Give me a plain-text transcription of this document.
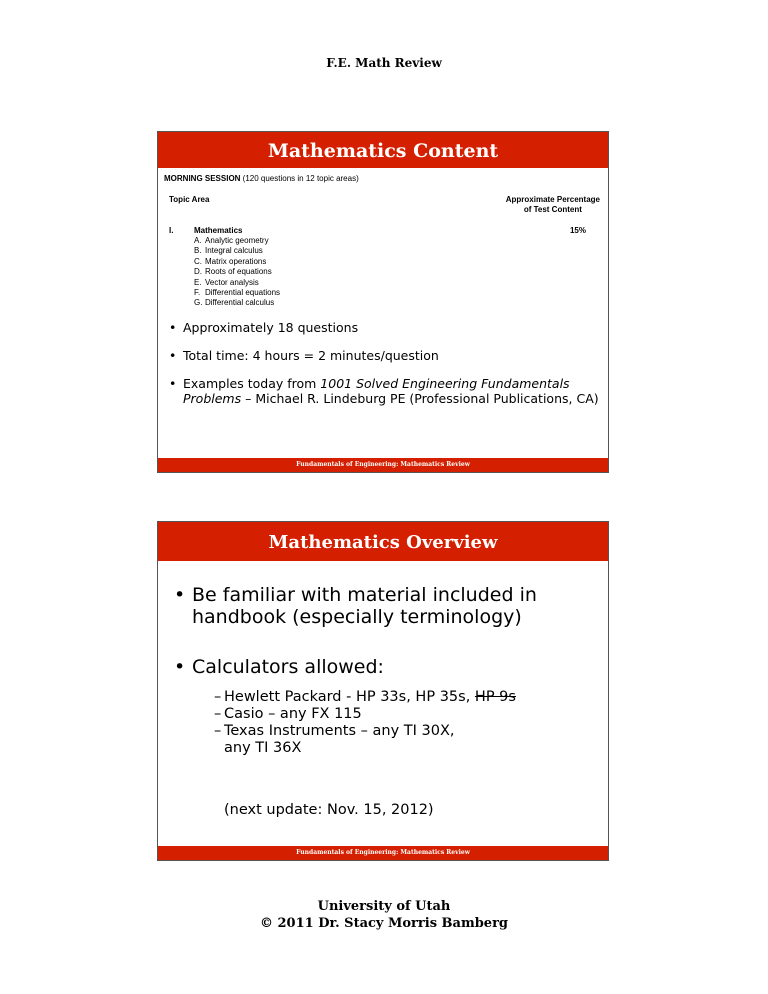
F.E. Math Review
Mathematics Content
MORNING SESSION (120 questions in 12 topic areas)
Topic Area	Approximate Percentage
of Test Content
I.	Mathematics	15%
A. Analytic geometry
B. Integral calculus
C. Matrix operations
D. Roots of equations
E. Vector analysis
F. Differential equations
G. Differential calculus
• Approximately 18 questions
• Total time: 4 hours = 2 minutes/question
• Examples today from 1001 Solved Engineering Fundamentals Problems – Michael R. Lindeburg PE (Professional Publications, CA)
Fundamentals of Engineering: Mathematics Review
Mathematics Overview
• Be familiar with material included in handbook (especially terminology)
• Calculators allowed:
– Hewlett Packard - HP 33s, HP 35s, HP 9s
– Casio – any FX 115
– Texas Instruments – any TI 30X,
any TI 36X
(next update: Nov. 15, 2012)
Fundamentals of Engineering: Mathematics Review
University of Utah
© 2011 Dr. Stacy Morris Bamberg
